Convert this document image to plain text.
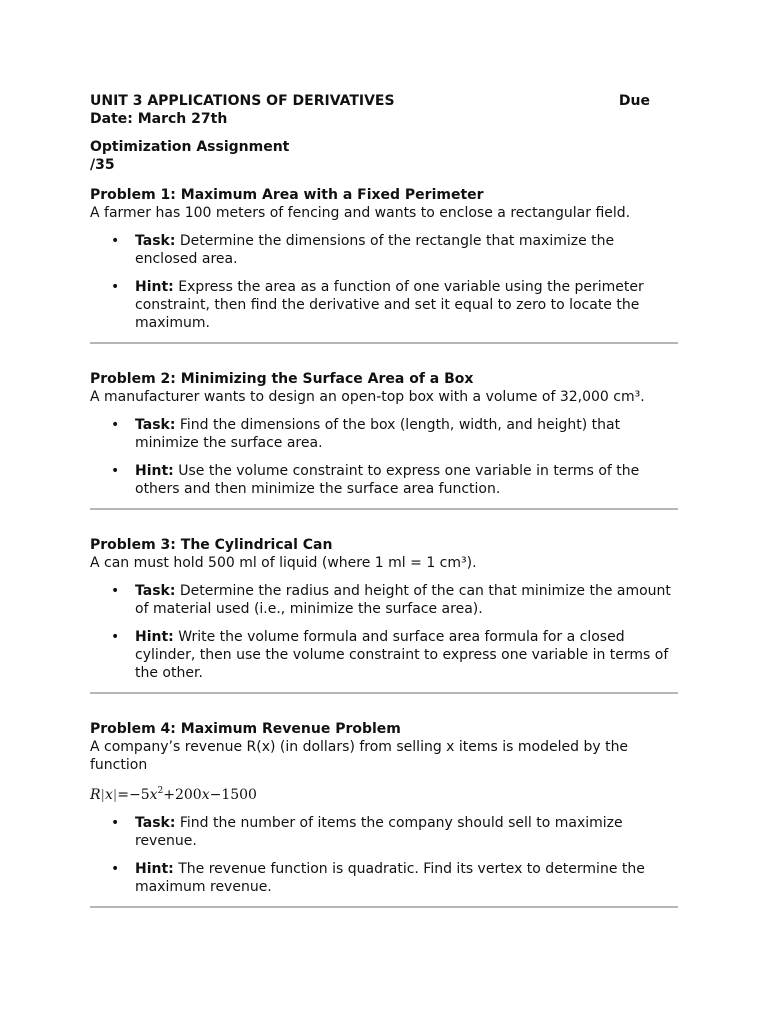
UNIT 3 APPLICATIONS OF DERIVATIVES	Due
Date: March 27th
Optimization Assignment
/35
Problem 1: Maximum Area with a Fixed Perimeter
A farmer has 100 meters of fencing and wants to enclose a rectangular field.
• Task: Determine the dimensions of the rectangle that maximize the enclosed area.
• Hint: Express the area as a function of one variable using the perimeter constraint, then find the derivative and set it equal to zero to locate the maximum.
Problem 2: Minimizing the Surface Area of a Box
A manufacturer wants to design an open-top box with a volume of 32,000 cm³.
• Task: Find the dimensions of the box (length, width, and height) that minimize the surface area.
• Hint: Use the volume constraint to express one variable in terms of the others and then minimize the surface area function.
Problem 3: The Cylindrical Can
A can must hold 500 ml of liquid (where 1 ml = 1 cm³).
• Task: Determine the radius and height of the can that minimize the amount of material used (i.e., minimize the surface area).
• Hint: Write the volume formula and surface area formula for a closed cylinder, then use the volume constraint to express one variable in terms of the other.
Problem 4: Maximum Revenue Problem
A company’s revenue R(x) (in dollars) from selling x items is modeled by the function
$R|x|=-5x^2+200x-1500$
• Task: Find the number of items the company should sell to maximize revenue.
• Hint: The revenue function is quadratic. Find its vertex to determine the maximum revenue.
